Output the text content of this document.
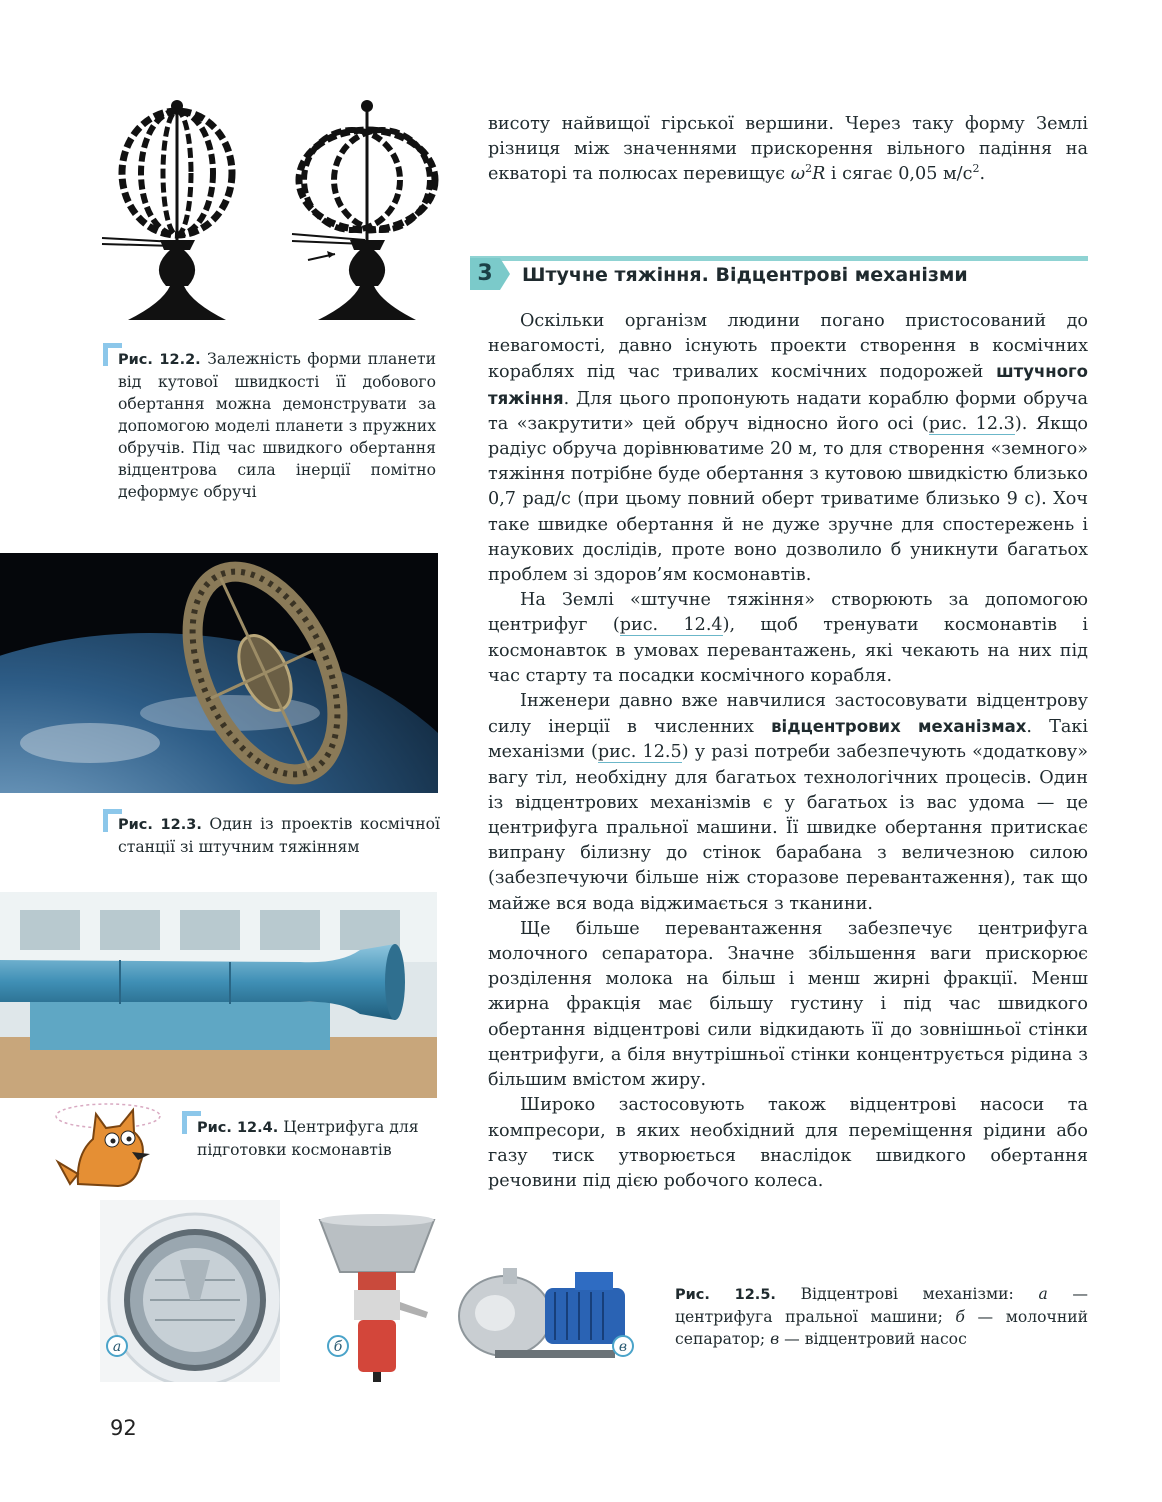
Рис. 12.2. Залежність форми планети від кутової швидкості її добового обертання можна демонструвати за допомогою моделі планети з пружних обручів. Під час швидкого обертання відцентрова сила інерції помітно деформує обручі
Рис. 12.3. Один із проектів космічної станції зі штучним тяжінням
Рис. 12.4. Центрифуга для підготовки космонавтів
а	б	в
Рис. 12.5. Відцентрові механізми: а — центрифуга пральної машини; б — молочний сепаратор; в — відцентровий насос

висоту найвищої гірської вершини. Через таку форму Землі різниця між значеннями прискорення вільного падіння на екваторі та полюсах перевищує $\omega^2R$ і сягає 0,05 $м/с^2$.

3	Штучне тяжіння. Відцентрові механізми

Оскільки організм людини погано пристосований до невагомості, давно існують проекти створення в космічних кораблях під час тривалих космічних подорожей штучного тяжіння. Для цього пропонують надати кораблю форми обруча та «закрутити» цей обруч відносно його осі (рис. 12.3). Якщо радіус обруча дорівнюватиме 20 м, то для створення «земного» тяжіння потрібне буде обертання з кутовою швидкістю близько 0,7 рад/с (при цьому повний оберт триватиме близько 9 с). Хоч таке швидке обертання й не дуже зручне для спостережень і наукових дослідів, проте воно дозволило б уникнути багатьох проблем зі здоров’ям космонавтів.

На Землі «штучне тяжіння» створюють за допомогою центрифуг (рис. 12.4), щоб тренувати космонавтів і космонавток в умовах перевантажень, які чекають на них під час старту та посадки космічного корабля.

Інженери давно вже навчилися застосовувати відцентрову силу інерції в численних відцентрових механізмах. Такі механізми (рис. 12.5) у разі потреби забезпечують «додаткову» вагу тіл, необхідну для багатьох технологічних процесів. Один із відцентрових механізмів є у багатьох із вас удома — це центрифуга пральної машини. Її швидке обертання притискає випрану білизну до стінок барабана з величезною силою (забезпечуючи більше ніж сторазове перевантаження), так що майже вся вода віджимається з тканини.

Ще більше перевантаження забезпечує центрифуга молочного сепаратора. Значне збільшення ваги прискорює розділення молока на більш і менш жирні фракції. Менш жирна фракція має більшу густину і під час швидкого обертання відцентрові сили відкидають її до зовнішньої стінки центрифуги, а біля внутрішньої стінки концентрується рідина з більшим вмістом жиру.

Широко застосовують також відцентрові насоси та компресори, в яких необхідний для переміщення рідини або газу тиск утворюється внаслідок швидкого обертання речовини під дією робочого колеса.

92
